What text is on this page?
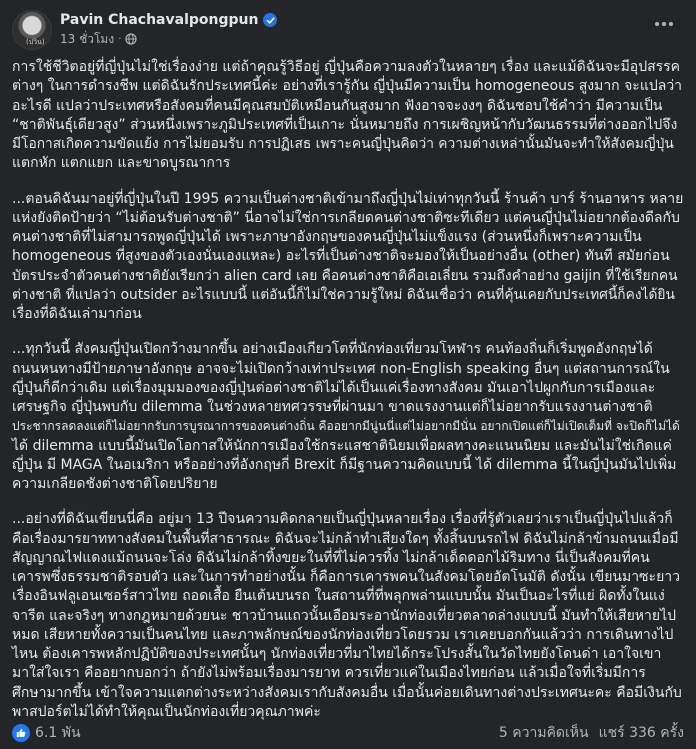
(ปวิน)
Pavin Chachavalpongpun
13 ชั่วโมง ·
การใช้ชีวิตอยู่ที่ญี่ปุ่นไม่ใช่เรื่องง่าย แต่ถ้าคุณรู้วิธีอยู่ ญี่ปุ่นคือความลงตัวในหลายๆ เรื่อง และแม้ดิฉันจะมีอุปสรรค
ต่างๆ ในการดำรงชีพ แต่ดิฉันรักประเทศนี้ค่ะ อย่างที่เรารู้กัน ญี่ปุ่นมีความเป็น homogeneous สูงมาก จะแปลว่า
อะไรดี แปลว่าประเทศหรือสังคมที่คนมีคุณสมบัติเหมือนกันสูงมาก ฟังอาจจะงงๆ ดิฉันชอบใช้คำว่า มีความเป็น
“ชาติพันธุ์เดียวสูง” ส่วนหนึ่งเพราะภูมิประเทศที่เป็นเกาะ นั่นหมายถึง การเผชิญหน้ากับวัฒนธรรมที่ต่างออกไปจึง
มีโอกาสเกิดความขัดแย้ง การไม่ยอมรับ การปฏิเสธ เพราะคนญี่ปุ่นคิดว่า ความต่างเหล่านั้นมันจะทำให้สังคมญี่ปุ่น
แตกหัก แตกแยก และขาดบูรณาการ
...ตอนดิฉันมาอยู่ที่ญี่ปุ่นในปี 1995 ความเป็นต่างชาติเข้ามาถึงญี่ปุ่นไม่เท่าทุกวันนี้ ร้านค้า บาร์ ร้านอาหาร หลาย
แห่งยังติดป้ายว่า “ไม่ต้อนรับต่างชาติ” นี่อาจไม่ใช่การเกลียดคนต่างชาติซะทีเดียว แต่คนญี่ปุ่นไม่อยากต้องดีลกับ
คนต่างชาติที่ไม่สามารถพูดญี่ปุ่นได้ เพราะภาษาอังกฤษของคนญี่ปุ่นไม่แข็งแรง (ส่วนหนึ่งก็เพราะความเป็น
homogeneous ที่สูงของตัวเองนั่นเองแหละ) อะไรที่เป็นต่างชาติจะมองให้เป็นอย่างอื่น (other) ทันที สมัยก่อน
บัตรประจำตัวคนต่างชาติยังเรียกว่า alien card เลย คือคนต่างชาติคือเอเลี่ยน รวมถึงคำอย่าง gaijin ที่ใช้เรียกคน
ต่างชาติ ที่แปลว่า outsider อะไรแบบนี้ แต่อันนี้ก็ไม่ใช่ความรู้ใหม่ ดิฉันเชื่อว่า คนที่คุ้นเคยกับประเทศนี้ก็คงได้ยิน
เรื่องที่ดิฉันเล่ามาก่อน
...ทุกวันนี้ สังคมญี่ปุ่นเปิดกว้างมากขึ้น อย่างเมืองเกียวโตที่นักท่องเที่ยวมโหฬาร คนท้องถิ่นก็เริ่มพูดอังกฤษได้
ถนนหนทางมีป้ายภาษาอังกฤษ อาจจะไม่เปิดกว้างเท่าประเทศ non-English speaking อื่นๆ แต่สถานการณ์ใน
ญี่ปุ่นก็ดีกว่าเดิม แต่เรื่องมุมมองของญี่ปุ่นต่อต่างชาติไม่ได้เป็นแค่เรื่องทางสังคม มันเอาไปผูกกับการเมืองและ
เศรษฐกิจ ญี่ปุ่นพบกับ dilemma ในช่วงหลายทศวรรษที่ผ่านมา ขาดแรงงานแต่ก็ไม่อยากรับแรงงานต่างชาติ
ประชากรลดลงแต่ก็ไม่อยากรับการบูรณาการของคนต่างถิ่น คืออยากมีนู่นนี่แต่ไม่อยากมีนั่น อยากเปิดแต่ก็ไม่เปิดเต็มที่ จะปิดก็ไม่ได้
ได้ dilemma แบบนี้มันเปิดโอกาสให้นักการเมืองใช้กระแสชาตินิยมเพื่อผลทางคะแนนนิยม และมันไม่ใช่เกิดแค่
ญี่ปุ่น มี MAGA ในอเมริกา หรืออย่างที่อังกฤษกี่ Brexit ก็มีฐานความคิดแบบนี้ ได้ dilemma นี้ในญี่ปุ่นมันไปเพิ่ม
ความเกลียดชังต่างชาติโดยปริยาย
...อย่างที่ดิฉันเขียนนี่คือ อยู่มา 13 ปีจนความคิดกลายเป็นญี่ปุ่นหลายเรื่อง เรื่องที่รู้ตัวเลยว่าเราเป็นญี่ปุ่นไปแล้วก็
คือเรื่องมารยาททางสังคมในพื้นที่สาธารณะ ดิฉันจะไม่กล้าทำเสียงใดๆ ทั้งสิ้นบนรถไฟ ดิฉันไม่กล้าข้ามถนนเมื่อมี
สัญญาณไฟแดงแม้ถนนจะโล่ง ดิฉันไม่กล้าทิ้งขยะในที่ที่ไม่ควรทิ้ง ไม่กล้าเด็ดดอกไม้ริมทาง นี่เป็นสังคมที่คน
เคารพซึ่งธรรมชาติรอบตัว และในการทำอย่างนั้น ก็คือการเคารพคนในสังคมโดยอัตโนมัติ ดังนั้น เขียนมาซะยาว
เรื่องอินฟลูเอนเซอร์สาวไทย ถอดเสื้อ ยืนเต้นบนรถ ในสถานที่ที่พลุกพล่านแบบนั้น มันเป็นอะไรที่แย่ ผิดทั้งในแง่
จารีต และจริงๆ ทางกฎหมายด้วยนะ ชาวบ้านแถวนั้นเอือมระอานักท่องเที่ยวตลาดล่างแบบนี้ มันทำให้เสียหายไป
หมด เสียหายทั้งความเป็นคนไทย และภาพลักษณ์ของนักท่องเที่ยวโดยรวม เราเคยบอกกันแล้วว่า การเดินทางไป
ไหน ต้องเคารพหลักปฏิบัติของประเทศนั้นๆ นักท่องเที่ยวที่มาไทยได้กระโปรงสั้นในวัดไทยยังโดนด่า เอาใจเขา
มาใส่ใจเรา คืออยากบอกว่า ถ้ายังไม่พร้อมเรื่องมารยาท ควรเที่ยวแค่ในเมืองไทยก่อน แล้วเมื่อใจที่เริ่มมีการ
ศึกษามากขึ้น เข้าใจความแตกต่างระหว่างสังคมเรากับสังคมอื่น เมื่อนั้นค่อยเดินทางต่างประเทศนะคะ คือมีเงินกับ
พาสปอร์ตไม่ได้ทำให้คุณเป็นนักท่องเที่ยวคุณภาพค่ะ
6.1 พัน	5 ความคิดเห็น แชร์ 336 ครั้ง
